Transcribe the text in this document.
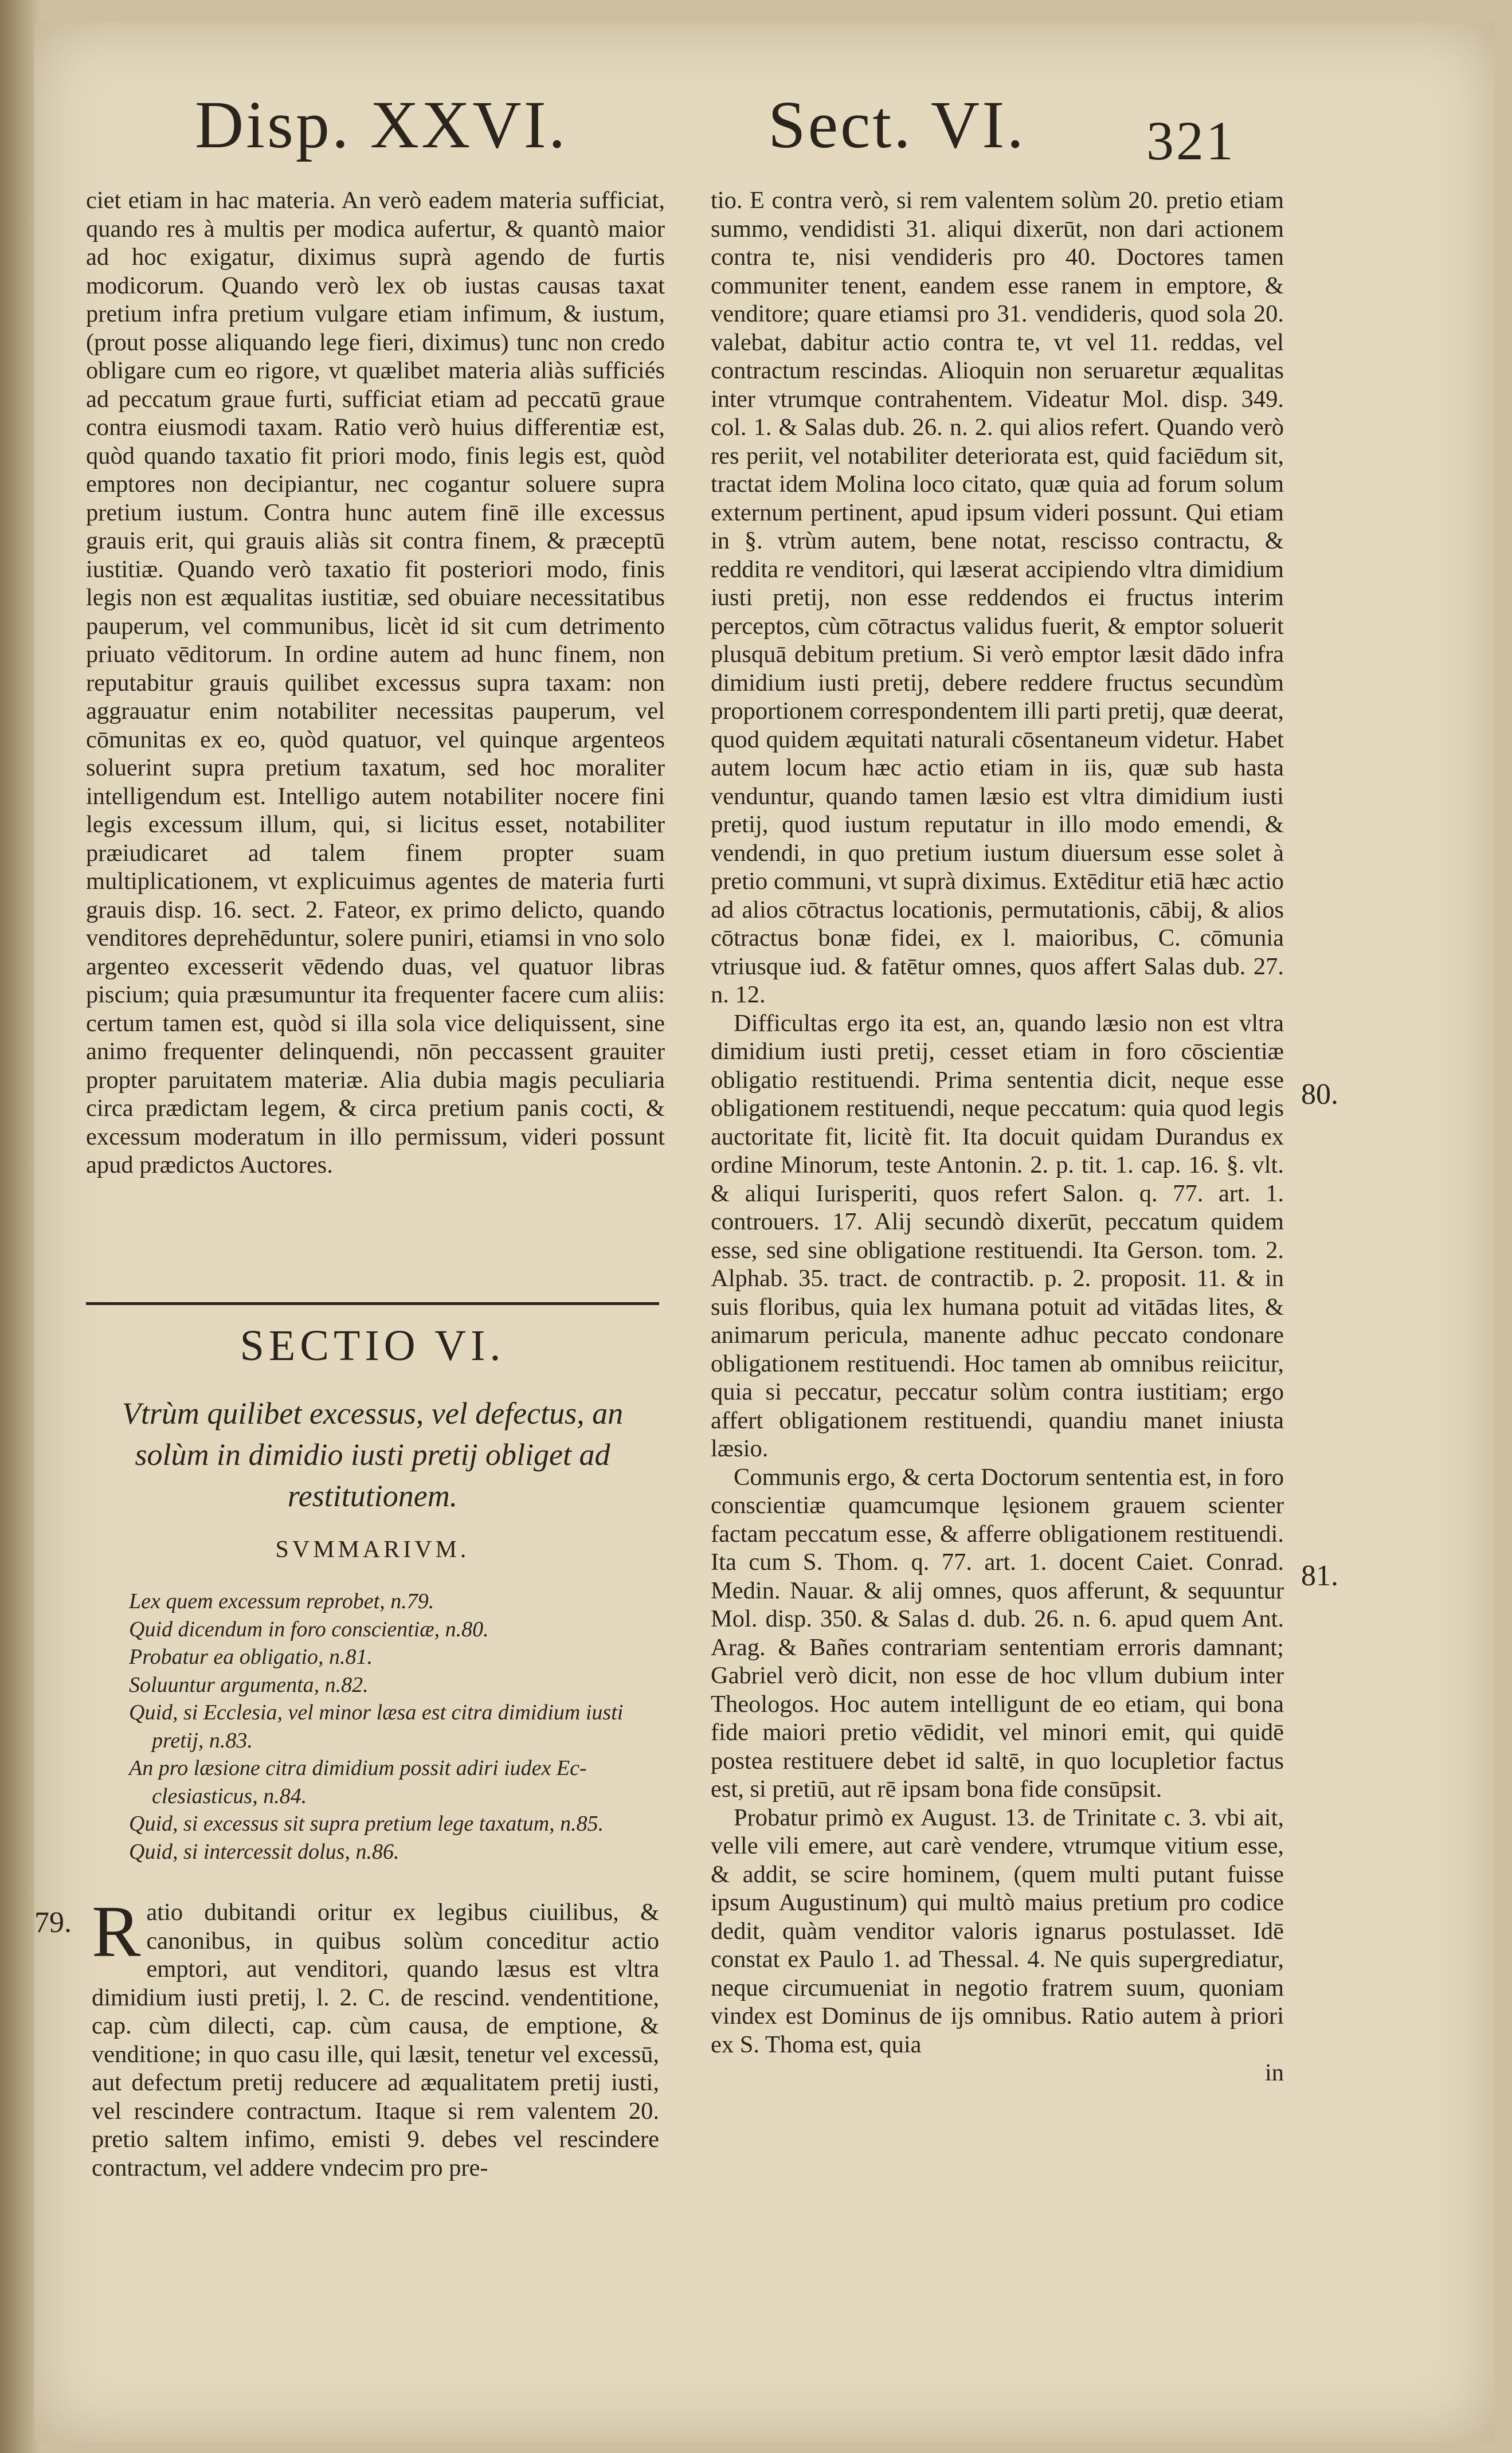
Disp. XXVI.	Sect. VI. 321

ciet etiam in hac materia. An verò eadem materia sufficiat, quando res à multis per modica aufertur, & quantò maior ad hoc exigatur, diximus suprà agendo de furtis modicorum. Quando verò lex ob iustas causas taxat pretium infra pretium vulgare etiam infimum, & iustum, (prout posse aliquando lege fieri, diximus) tunc non credo obligare cum eo rigore, vt quælibet materia aliàs sufficiés ad peccatum graue furti, sufficiat etiam ad peccatū graue contra eiusmodi taxam. Ratio verò huius differentiæ est, quòd quando taxatio fit priori modo, finis legis est, quòd emptores non decipiantur, nec cogantur soluere supra pretium iustum. Contra hunc autem finē ille excessus grauis erit, qui grauis aliàs sit contra finem, & præceptū iustitiæ. Quando verò taxatio fit posteriori modo, finis legis non est æqualitas iustitiæ, sed obuiare necessitatibus pauperum, vel communibus, licèt id sit cum detrimento priuato vēditorum. In ordine autem ad hunc finem, non reputabitur grauis quilibet excessus supra taxam: non aggrauatur enim notabiliter necessitas pauperum, vel cōmunitas ex eo, quòd quatuor, vel quinque argenteos soluerint supra pretium taxatum, sed hoc moraliter intelligendum est. Intelligo autem notabiliter nocere fini legis excessum illum, qui, si licitus esset, notabiliter præiudicaret ad talem finem propter suam multiplicationem, vt explicuimus agentes de materia furti grauis disp. 16. sect. 2. Fateor, ex primo delicto, quando venditores deprehēduntur, solere puniri, etiamsi in vno solo argenteo excesserit vēdendo duas, vel quatuor libras piscium; quia præsumuntur ita frequenter facere cum aliis: certum tamen est, quòd si illa sola vice deliquissent, sine animo frequenter delinquendi, nōn peccassent grauiter propter paruitatem materiæ. Alia dubia magis peculiaria circa prædictam legem, & circa pretium panis cocti, & excessum moderatum in illo permissum, videri possunt apud prædictos Auctores.

SECTIO VI.
Vtrùm quilibet excessus, vel defectus, an solùm in dimidio iusti pretij obliget ad restitutionem.
SVMMARIVM.
Lex quem excessum reprobet, n.79.
Quid dicendum in foro conscientiæ, n.80.
Probatur ea obligatio, n.81.
Soluuntur argumenta, n.82.
Quid, si Ecclesia, vel minor læsa est citra dimidium iusti
pretij, n.83.
An pro læsione citra dimidium possit adiri iudex Ec-
clesiasticus, n.84.
Quid, si excessus sit supra pretium lege taxatum, n.85.
Quid, si intercessit dolus, n.86.
Ratio dubitandi oritur ex legibus ciuilibus, & canonibus, in quibus solùm conceditur actio emptori, aut venditori, quando læsus est vltra dimidium iusti pretij, l. 2. C. de rescind. vendentitione, cap. cùm dilecti, cap. cùm causa, de emptione, & venditione; in quo casu ille, qui læsit, tenetur vel excessū, aut defectum pretij reducere ad æqualitatem pretij iusti, vel rescindere contractum. Itaque si rem valentem 20. pretio saltem infimo, emisti 9. debes vel rescindere contractum, vel addere vndecim pro pre-

tio. E contra verò, si rem valentem solùm 20. pretio etiam summo, vendidisti 31. aliqui dixerūt, non dari actionem contra te, nisi vendideris pro 40. Doctores tamen communiter tenent, eandem esse ranem in emptore, & venditore; quare etiamsi pro 31. vendideris, quod sola 20. valebat, dabitur actio contra te, vt vel 11. reddas, vel contractum rescindas. Alioquin non seruaretur æqualitas inter vtrumque contrahentem. Videatur Mol. disp. 349. col. 1. & Salas dub. 26. n. 2. qui alios refert. Quando verò res periit, vel notabiliter deteriorata est, quid faciēdum sit, tractat idem Molina loco citato, quæ quia ad forum solum externum pertinent, apud ipsum videri possunt. Qui etiam in §. vtrùm autem, bene notat, rescisso contractu, & reddita re venditori, qui læserat accipiendo vltra dimidium iusti pretij, non esse reddendos ei fructus interim perceptos, cùm cōtractus validus fuerit, & emptor soluerit plusquā debitum pretium. Si verò emptor læsit dādo infra dimidium iusti pretij, debere reddere fructus secundùm proportionem correspondentem illi parti pretij, quæ deerat, quod quidem æquitati naturali cōsentaneum videtur. Habet autem locum hæc actio etiam in iis, quæ sub hasta venduntur, quando tamen læsio est vltra dimidium iusti pretij, quod iustum reputatur in illo modo emendi, & vendendi, in quo pretium iustum diuersum esse solet à pretio communi, vt suprà diximus. Extēditur etiā hæc actio ad alios cōtractus locationis, permutationis, cābij, & alios cōtractus bonæ fidei, ex l. maioribus, C. cōmunia vtriusque iud. & fatētur omnes, quos affert Salas dub. 27. n. 12.

Difficultas ergo ita est, an, quando læsio non est vltra dimidium iusti pretij, cesset etiam in foro cōscientiæ obligatio restituendi. Prima sententia dicit, neque esse obligationem restituendi, neque peccatum: quia quod legis auctoritate fit, licitè fit. Ita docuit quidam Durandus ex ordine Minorum, teste Antonin. 2. p. tit. 1. cap. 16. §. vlt. & aliqui Iurisperiti, quos refert Salon. q. 77. art. 1. controuers. 17. Alij secundò dixerūt, peccatum quidem esse, sed sine obligatione restituendi. Ita Gerson. tom. 2. Alphab. 35. tract. de contractib. p. 2. proposit. 11. & in suis floribus, quia lex humana potuit ad vitādas lites, & animarum pericula, manente adhuc peccato condonare obligationem restituendi. Hoc tamen ab omnibus reiicitur, quia si peccatur, peccatur solùm contra iustitiam; ergo affert obligationem restituendi, quandiu manet iniusta læsio.

Communis ergo, & certa Doctorum sententia est, in foro conscientiæ quamcumque lęsionem grauem scienter factam peccatum esse, & afferre obligationem restituendi. Ita cum S. Thom. q. 77. art. 1. docent Caiet. Conrad. Medin. Nauar. & alij omnes, quos afferunt, & sequuntur Mol. disp. 350. & Salas d. dub. 26. n. 6. apud quem Ant. Arag. & Bañes contrariam sententiam erroris damnant; Gabriel verò dicit, non esse de hoc vllum dubium inter Theologos. Hoc autem intelligunt de eo etiam, qui bona fide maiori pretio vēdidit, vel minori emit, qui quidē postea restituere debet id saltē, in quo locupletior factus est, si pretiū, aut rē ipsam bona fide consūpsit.

Probatur primò ex August. 13. de Trinitate c. 3. vbi ait, velle vili emere, aut carè vendere, vtrumque vitium esse, & addit, se scire hominem, (quem multi putant fuisse ipsum Augustinum) qui multò maius pretium pro codice dedit, quàm venditor valoris ignarus postulasset. Idē constat ex Paulo 1. ad Thessal. 4. Ne quis supergrediatur, neque circumueniat in negotio fratrem suum, quoniam vindex est Dominus de ijs omnibus. Ratio autem à priori ex S. Thoma est, quia

in

80.
81.
79.
